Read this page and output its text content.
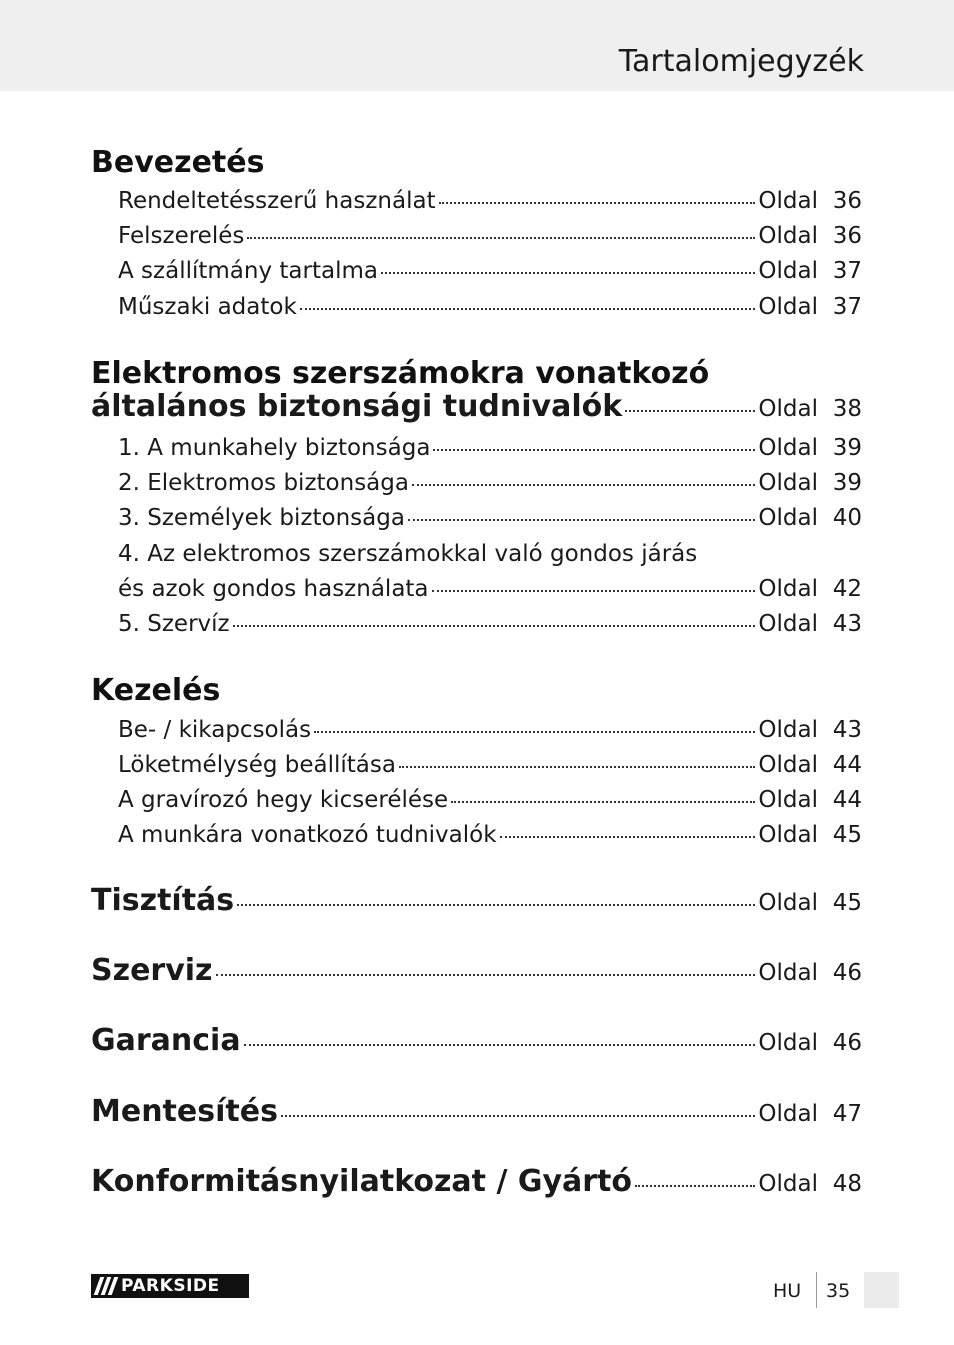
Tartalomjegyzék
Bevezetés
Rendeltetésszerű használat	Oldal 36
Felszerelés	Oldal 36
A szállítmány tartalma	Oldal 37
Műszaki adatok	Oldal 37
Elektromos szerszámokra vonatkozó
általános biztonsági tudnivalók	Oldal 38
1. A munkahely biztonsága	Oldal 39
2. Elektromos biztonsága	Oldal 39
3. Személyek biztonsága	Oldal 40
4. Az elektromos szerszámokkal való gondos járás
és azok gondos használata	Oldal 42
5. Szervíz	Oldal 43
Kezelés
Be- / kikapcsolás	Oldal 43
Löketmélység beállítása	Oldal 44
A gravírozó hegy kicserélése	Oldal 44
A munkára vonatkozó tudnivalók	Oldal 45
Tisztítás	Oldal 45
Szerviz	Oldal 46
Garancia	Oldal 46
Mentesítés	Oldal 47
Konformitásnyilatkozat / Gyártó	Oldal 48
PARKSIDE	HU 35
